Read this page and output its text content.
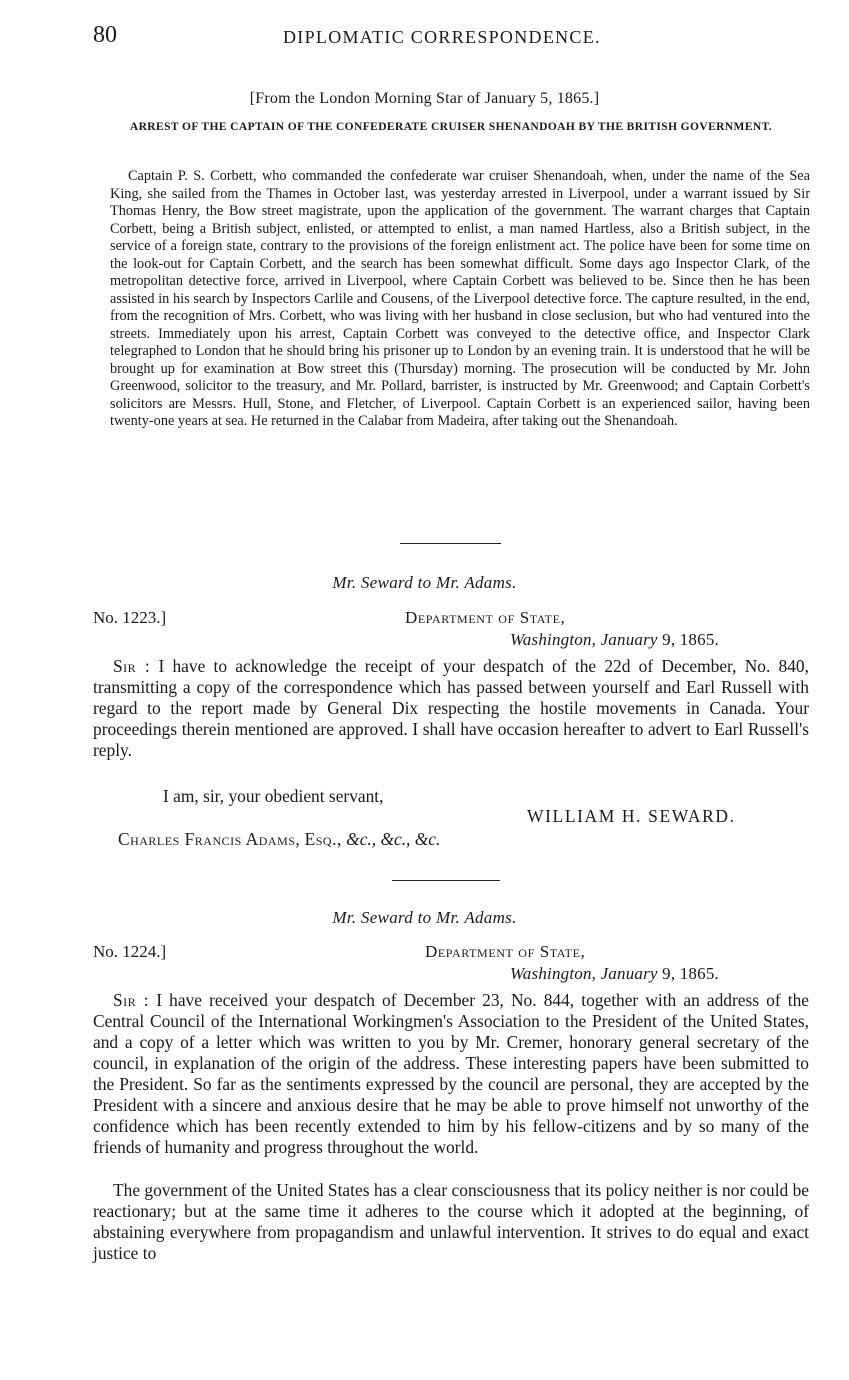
80	DIPLOMATIC CORRESPONDENCE.
[From the London Morning Star of January 5, 1865.]
ARREST OF THE CAPTAIN OF THE CONFEDERATE CRUISER SHENANDOAH BY THE BRITISH GOVERNMENT.

Captain P. S. Corbett, who commanded the confederate war cruiser Shenandoah, when, under the name of the Sea King, she sailed from the Thames in October last, was yesterday arrested in Liverpool, under a warrant issued by Sir Thomas Henry, the Bow street magistrate, upon the application of the government. The warrant charges that Captain Corbett, being a British subject, enlisted, or attempted to enlist, a man named Hartless, also a British subject, in the service of a foreign state, contrary to the provisions of the foreign enlistment act. The police have been for some time on the look-out for Captain Corbett, and the search has been somewhat difficult. Some days ago Inspector Clark, of the metropolitan detective force, arrived in Liverpool, where Captain Corbett was believed to be. Since then he has been assisted in his search by Inspectors Carlile and Cousens, of the Liverpool detective force. The capture resulted, in the end, from the recognition of Mrs. Corbett, who was living with her husband in close seclusion, but who had ventured into the streets. Immediately upon his arrest, Captain Corbett was conveyed to the detective office, and Inspector Clark telegraphed to London that he should bring his prisoner up to London by an evening train. It is understood that he will be brought up for examination at Bow street this (Thursday) morning. The prosecution will be conducted by Mr. John Greenwood, solicitor to the treasury, and Mr. Pollard, barrister, is instructed by Mr. Greenwood; and Captain Corbett's solicitors are Messrs. Hull, Stone, and Fletcher, of Liverpool. Captain Corbett is an experienced sailor, having been twenty-one years at sea. He returned in the Calabar from Madeira, after taking out the Shenandoah.

Mr. Seward to Mr. Adams.
No. 1223.]	Department of State,
Washington, January 9, 1865.

Sir : I have to acknowledge the receipt of your despatch of the 22d of December, No. 840, transmitting a copy of the correspondence which has passed between yourself and Earl Russell with regard to the report made by General Dix respecting the hostile movements in Canada. Your proceedings therein mentioned are approved. I shall have occasion hereafter to advert to Earl Russell's reply.

I am, sir, your obedient servant,
WILLIAM H. SEWARD.
Charles Francis Adams, Esq., &c., &c., &c.
Mr. Seward to Mr. Adams.
No. 1224.]	Department of State,
Washington, January 9, 1865.

Sir : I have received your despatch of December 23, No. 844, together with an address of the Central Council of the International Workingmen's Association to the President of the United States, and a copy of a letter which was written to you by Mr. Cremer, honorary general secretary of the council, in explanation of the origin of the address. These interesting papers have been submitted to the President. So far as the sentiments expressed by the council are personal, they are accepted by the President with a sincere and anxious desire that he may be able to prove himself not unworthy of the confidence which has been recently extended to him by his fellow-citizens and by so many of the friends of humanity and progress throughout the world.

The government of the United States has a clear consciousness that its policy neither is nor could be reactionary; but at the same time it adheres to the course which it adopted at the beginning, of abstaining everywhere from propagandism and unlawful intervention. It strives to do equal and exact justice to
